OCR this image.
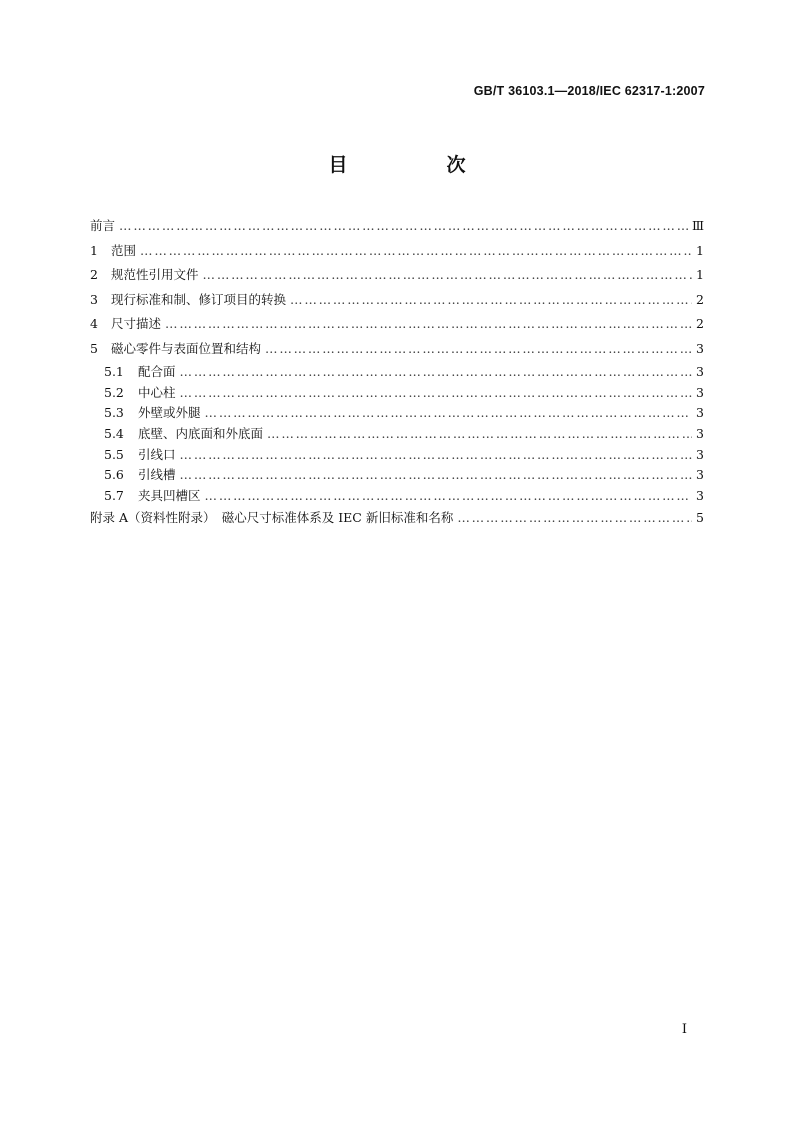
GB/T 36103.1—2018/IEC 62317-1:2007
目　次
前言 …………………………………………………………………………………………………………………………………………………………………………………………………………………………	Ⅲ
1	范围 …………………………………………………………………………………………………………………………………………………………………………………………………………………………	1
2	规范性引用文件 …………………………………………………………………………………………………………………………………………………………………………………………………………………………	1
3	现行标准和制、修订项目的转换 …………………………………………………………………………………………………………………………………………………………………………………………………………………………	2
4	尺寸描述 …………………………………………………………………………………………………………………………………………………………………………………………………………………………	2
5	磁心零件与表面位置和结构 …………………………………………………………………………………………………………………………………………………………………………………………………………………………	3
5.1	配合面 …………………………………………………………………………………………………………………………………………………………………………………………………………………………	3
5.2	中心柱 …………………………………………………………………………………………………………………………………………………………………………………………………………………………	3
5.3	外壁或外腿 …………………………………………………………………………………………………………………………………………………………………………………………………………………………	3
5.4	底壁、内底面和外底面 …………………………………………………………………………………………………………………………………………………………………………………………………………………………	3
5.5	引线口 …………………………………………………………………………………………………………………………………………………………………………………………………………………………	3
5.6	引线槽 …………………………………………………………………………………………………………………………………………………………………………………………………………………………	3
5.7	夹具凹槽区 …………………………………………………………………………………………………………………………………………………………………………………………………………………………	3
附录 A（资料性附录）　磁心尺寸标准体系及 IEC 新旧标准和名称 …………………………………………………………………………………………………………………………………………………………………………………………………………………………	5
I
